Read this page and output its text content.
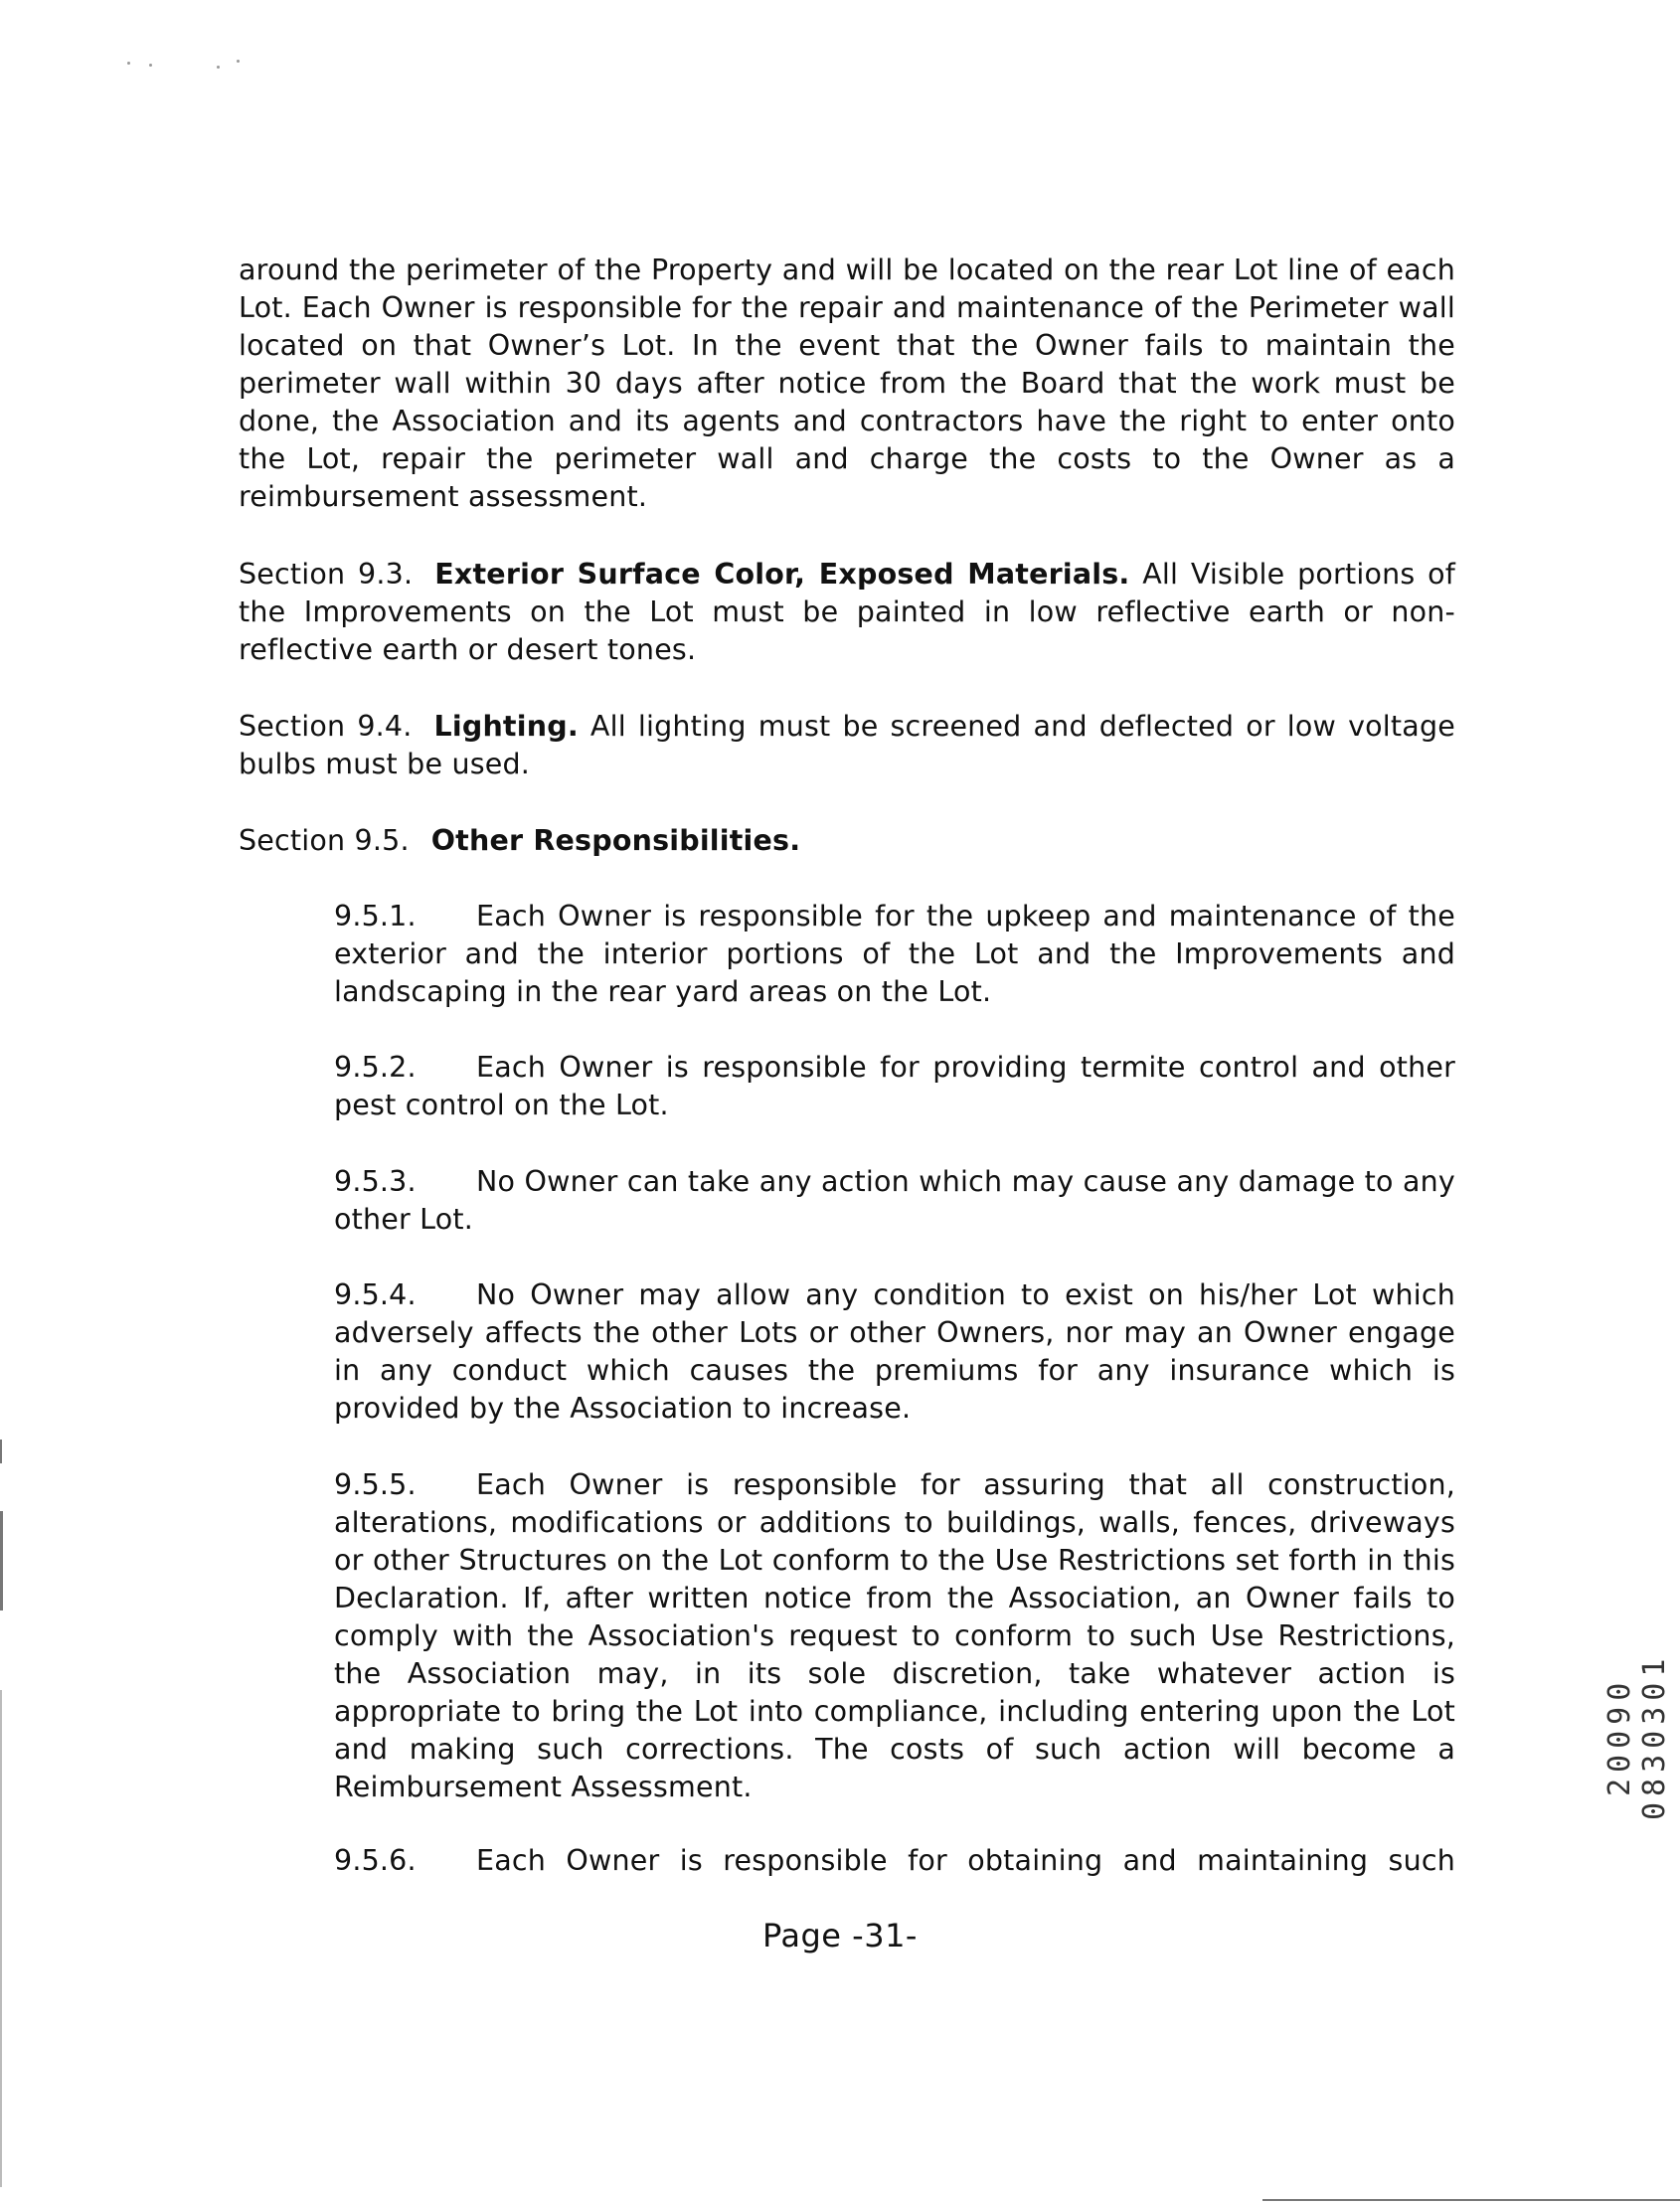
around the perimeter of the Property and will be located on the rear Lot line of each Lot. Each Owner is responsible for the repair and maintenance of the Perimeter wall located on that Owner’s Lot. In the event that the Owner fails to maintain the perimeter wall within 30 days after notice from the Board that the work must be done, the Association and its agents and contractors have the right to enter onto the Lot, repair the perimeter wall and charge the costs to the Owner as a reimbursement assessment.

Section 9.3. Exterior Surface Color, Exposed Materials. All Visible portions of the Improvements on the Lot must be painted in low reflective earth or non-reflective earth or desert tones.

Section 9.4. Lighting. All lighting must be screened and deflected or low voltage bulbs must be used.

Section 9.5. Other Responsibilities.

9.5.1. Each Owner is responsible for the upkeep and maintenance of the exterior and the interior portions of the Lot and the Improvements and landscaping in the rear yard areas on the Lot.

9.5.2. Each Owner is responsible for providing termite control and other pest control on the Lot.

9.5.3. No Owner can take any action which may cause any damage to any other Lot.

9.5.4. No Owner may allow any condition to exist on his/her Lot which adversely affects the other Lots or other Owners, nor may an Owner engage in any conduct which causes the premiums for any insurance which is provided by the Association to increase.

9.5.5. Each Owner is responsible for assuring that all construction, alterations, modifications or additions to buildings, walls, fences, driveways or other Structures on the Lot conform to the Use Restrictions set forth in this Declaration. If, after written notice from the Association, an Owner fails to comply with the Association's request to conform to such Use Restrictions, the Association may, in its sole discretion, take whatever action is appropriate to bring the Lot into compliance, including entering upon the Lot and making such corrections. The costs of such action will become a Reimbursement Assessment.

9.5.6. Each Owner is responsible for obtaining and maintaining such

Page -31-
20090 0830301
